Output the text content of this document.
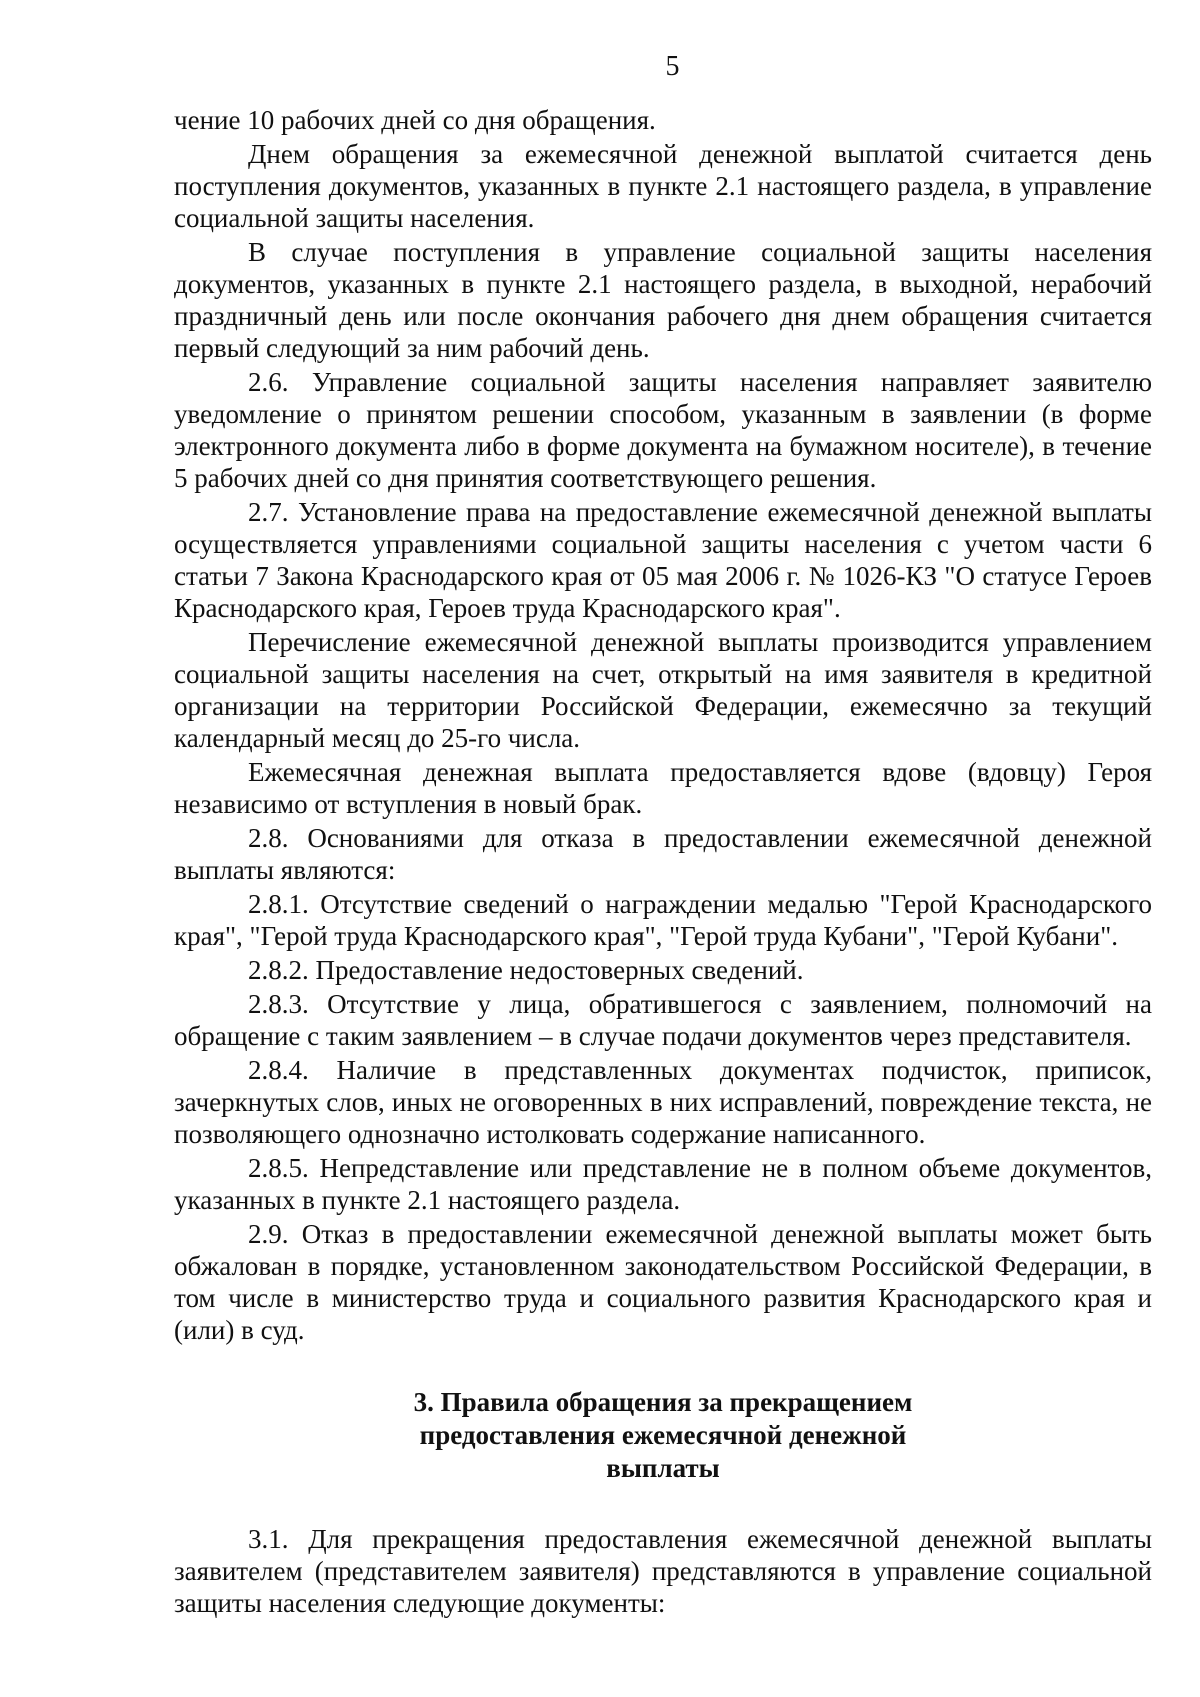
5

чение 10 рабочих дней со дня обращения.

Днем обращения за ежемесячной денежной выплатой считается день поступления документов, указанных в пункте 2.1 настоящего раздела, в управление социальной защиты населения.

В случае поступления в управление социальной защиты населения документов, указанных в пункте 2.1 настоящего раздела, в выходной, нерабочий праздничный день или после окончания рабочего дня днем обращения считается первый следующий за ним рабочий день.

2.6. Управление социальной защиты населения направляет заявителю уведомление о принятом решении способом, указанным в заявлении (в форме электронного документа либо в форме документа на бумажном носителе), в течение 5 рабочих дней со дня принятия соответствующего решения.

2.7. Установление права на предоставление ежемесячной денежной выплаты осуществляется управлениями социальной защиты населения с учетом части 6 статьи 7 Закона Краснодарского края от 05 мая 2006 г. № 1026-КЗ "О статусе Героев Краснодарского края, Героев труда Краснодарского края".

Перечисление ежемесячной денежной выплаты производится управлением социальной защиты населения на счет, открытый на имя заявителя в кредитной организации на территории Российской Федерации, ежемесячно за текущий календарный месяц до 25-го числа.

Ежемесячная денежная выплата предоставляется вдове (вдовцу) Героя независимо от вступления в новый брак.

2.8. Основаниями для отказа в предоставлении ежемесячной денежной выплаты являются:

2.8.1. Отсутствие сведений о награждении медалью "Герой Краснодарского края", "Герой труда Краснодарского края", "Герой труда Кубани", "Герой Кубани".

2.8.2. Предоставление недостоверных сведений.

2.8.3. Отсутствие у лица, обратившегося с заявлением, полномочий на обращение с таким заявлением – в случае подачи документов через представителя.

2.8.4. Наличие в представленных документах подчисток, приписок, зачеркнутых слов, иных не оговоренных в них исправлений, повреждение текста, не позволяющего однозначно истолковать содержание написанного.

2.8.5. Непредставление или представление не в полном объеме документов, указанных в пункте 2.1 настоящего раздела.

2.9. Отказ в предоставлении ежемесячной денежной выплаты может быть обжалован в порядке, установленном законодательством Российской Федерации, в том числе в министерство труда и социального развития Краснодарского края и (или) в суд.

3. Правила обращения за прекращением
предоставления ежемесячной денежной
выплаты

3.1. Для прекращения предоставления ежемесячной денежной выплаты заявителем (представителем заявителя) представляются в управление социальной защиты населения следующие документы:
